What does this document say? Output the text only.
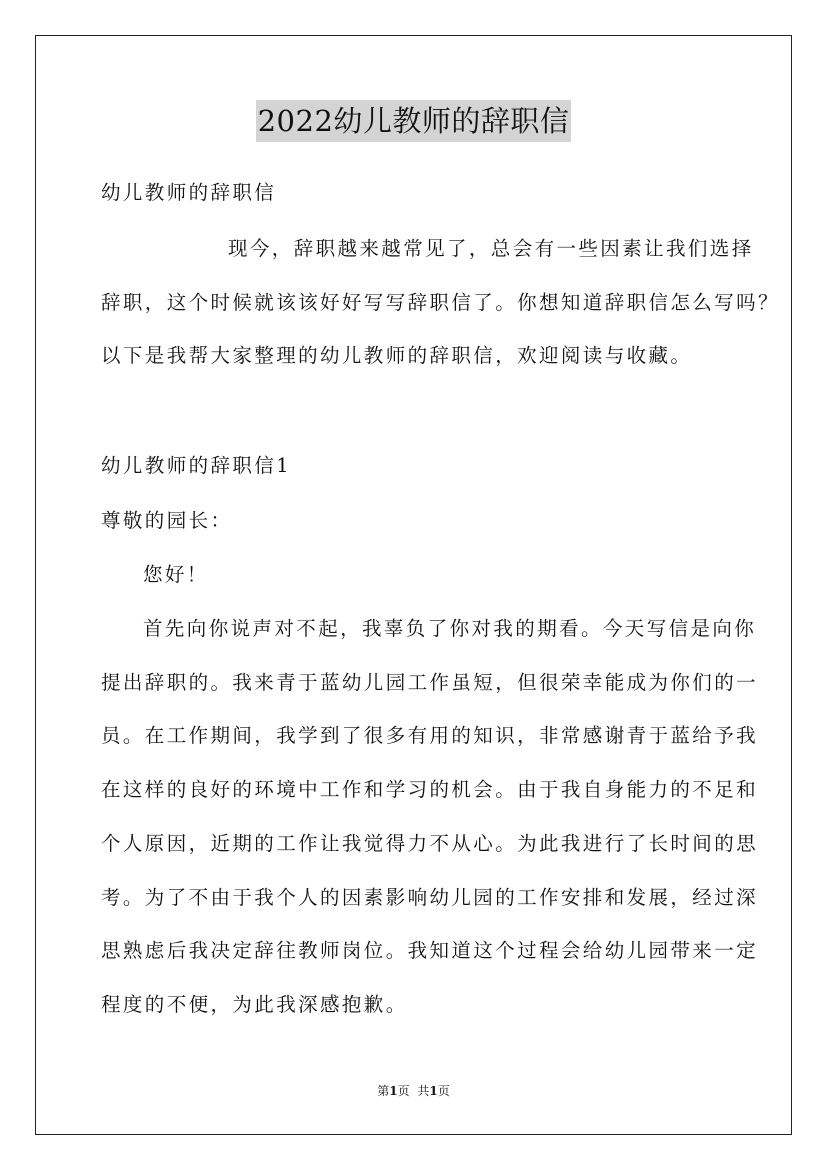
2022幼儿教师的辞职信
幼儿教师的辞职信
现今，辞职越来越常见了，总会有一些因素让我们选择
辞职，这个时候就该该好好写写辞职信了。你想知道辞职信怎么写吗？
以下是我帮大家整理的幼儿教师的辞职信，欢迎阅读与收藏。
幼儿教师的辞职信1
尊敬的园长：
您好！
首先向你说声对不起，我辜负了你对我的期看。今天写信是向你
提出辞职的。我来青于蓝幼儿园工作虽短，但很荣幸能成为你们的一
员。在工作期间，我学到了很多有用的知识，非常感谢青于蓝给予我
在这样的良好的环境中工作和学习的机会。由于我自身能力的不足和
个人原因，近期的工作让我觉得力不从心。为此我进行了长时间的思
考。为了不由于我个人的因素影响幼儿园的工作安排和发展，经过深
思熟虑后我决定辞往教师岗位。我知道这个过程会给幼儿园带来一定
程度的不便，为此我深感抱歉。
第1页 共1页
